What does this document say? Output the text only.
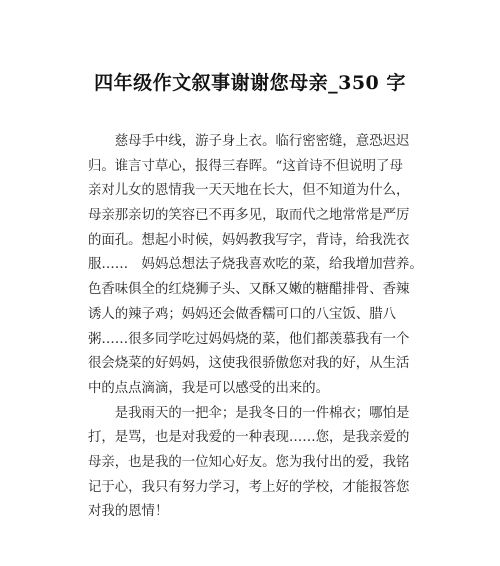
四年级作文叙事谢谢您母亲_350 字
　　慈母手中线，游子身上衣。临行密密缝，意恐迟迟
归。谁言寸草心，报得三春晖。“这首诗不但说明了母
亲对儿女的恩情我一天天地在长大，但不知道为什么，
母亲那亲切的笑容已不再多见，取而代之地常常是严厉
的面孔。想起小时候，妈妈教我写字，背诗，给我洗衣
服……　妈妈总想法子烧我喜欢吃的菜，给我增加营养。
色香味俱全的红烧狮子头、又酥又嫩的糖醋排骨、香辣
诱人的辣子鸡；妈妈还会做香糯可口的八宝饭、腊八
粥……很多同学吃过妈妈烧的菜，他们都羡慕我有一个
很会烧菜的好妈妈，这使我很骄傲您对我的好，从生活
中的点点滴滴，我是可以感受的出来的。
　　是我雨天的一把伞；是我冬日的一件棉衣；哪怕是
打，是骂，也是对我爱的一种表现……您，是我亲爱的
母亲，也是我的一位知心好友。您为我付出的爱，我铭
记于心，我只有努力学习，考上好的学校，才能报答您
对我的恩情！
